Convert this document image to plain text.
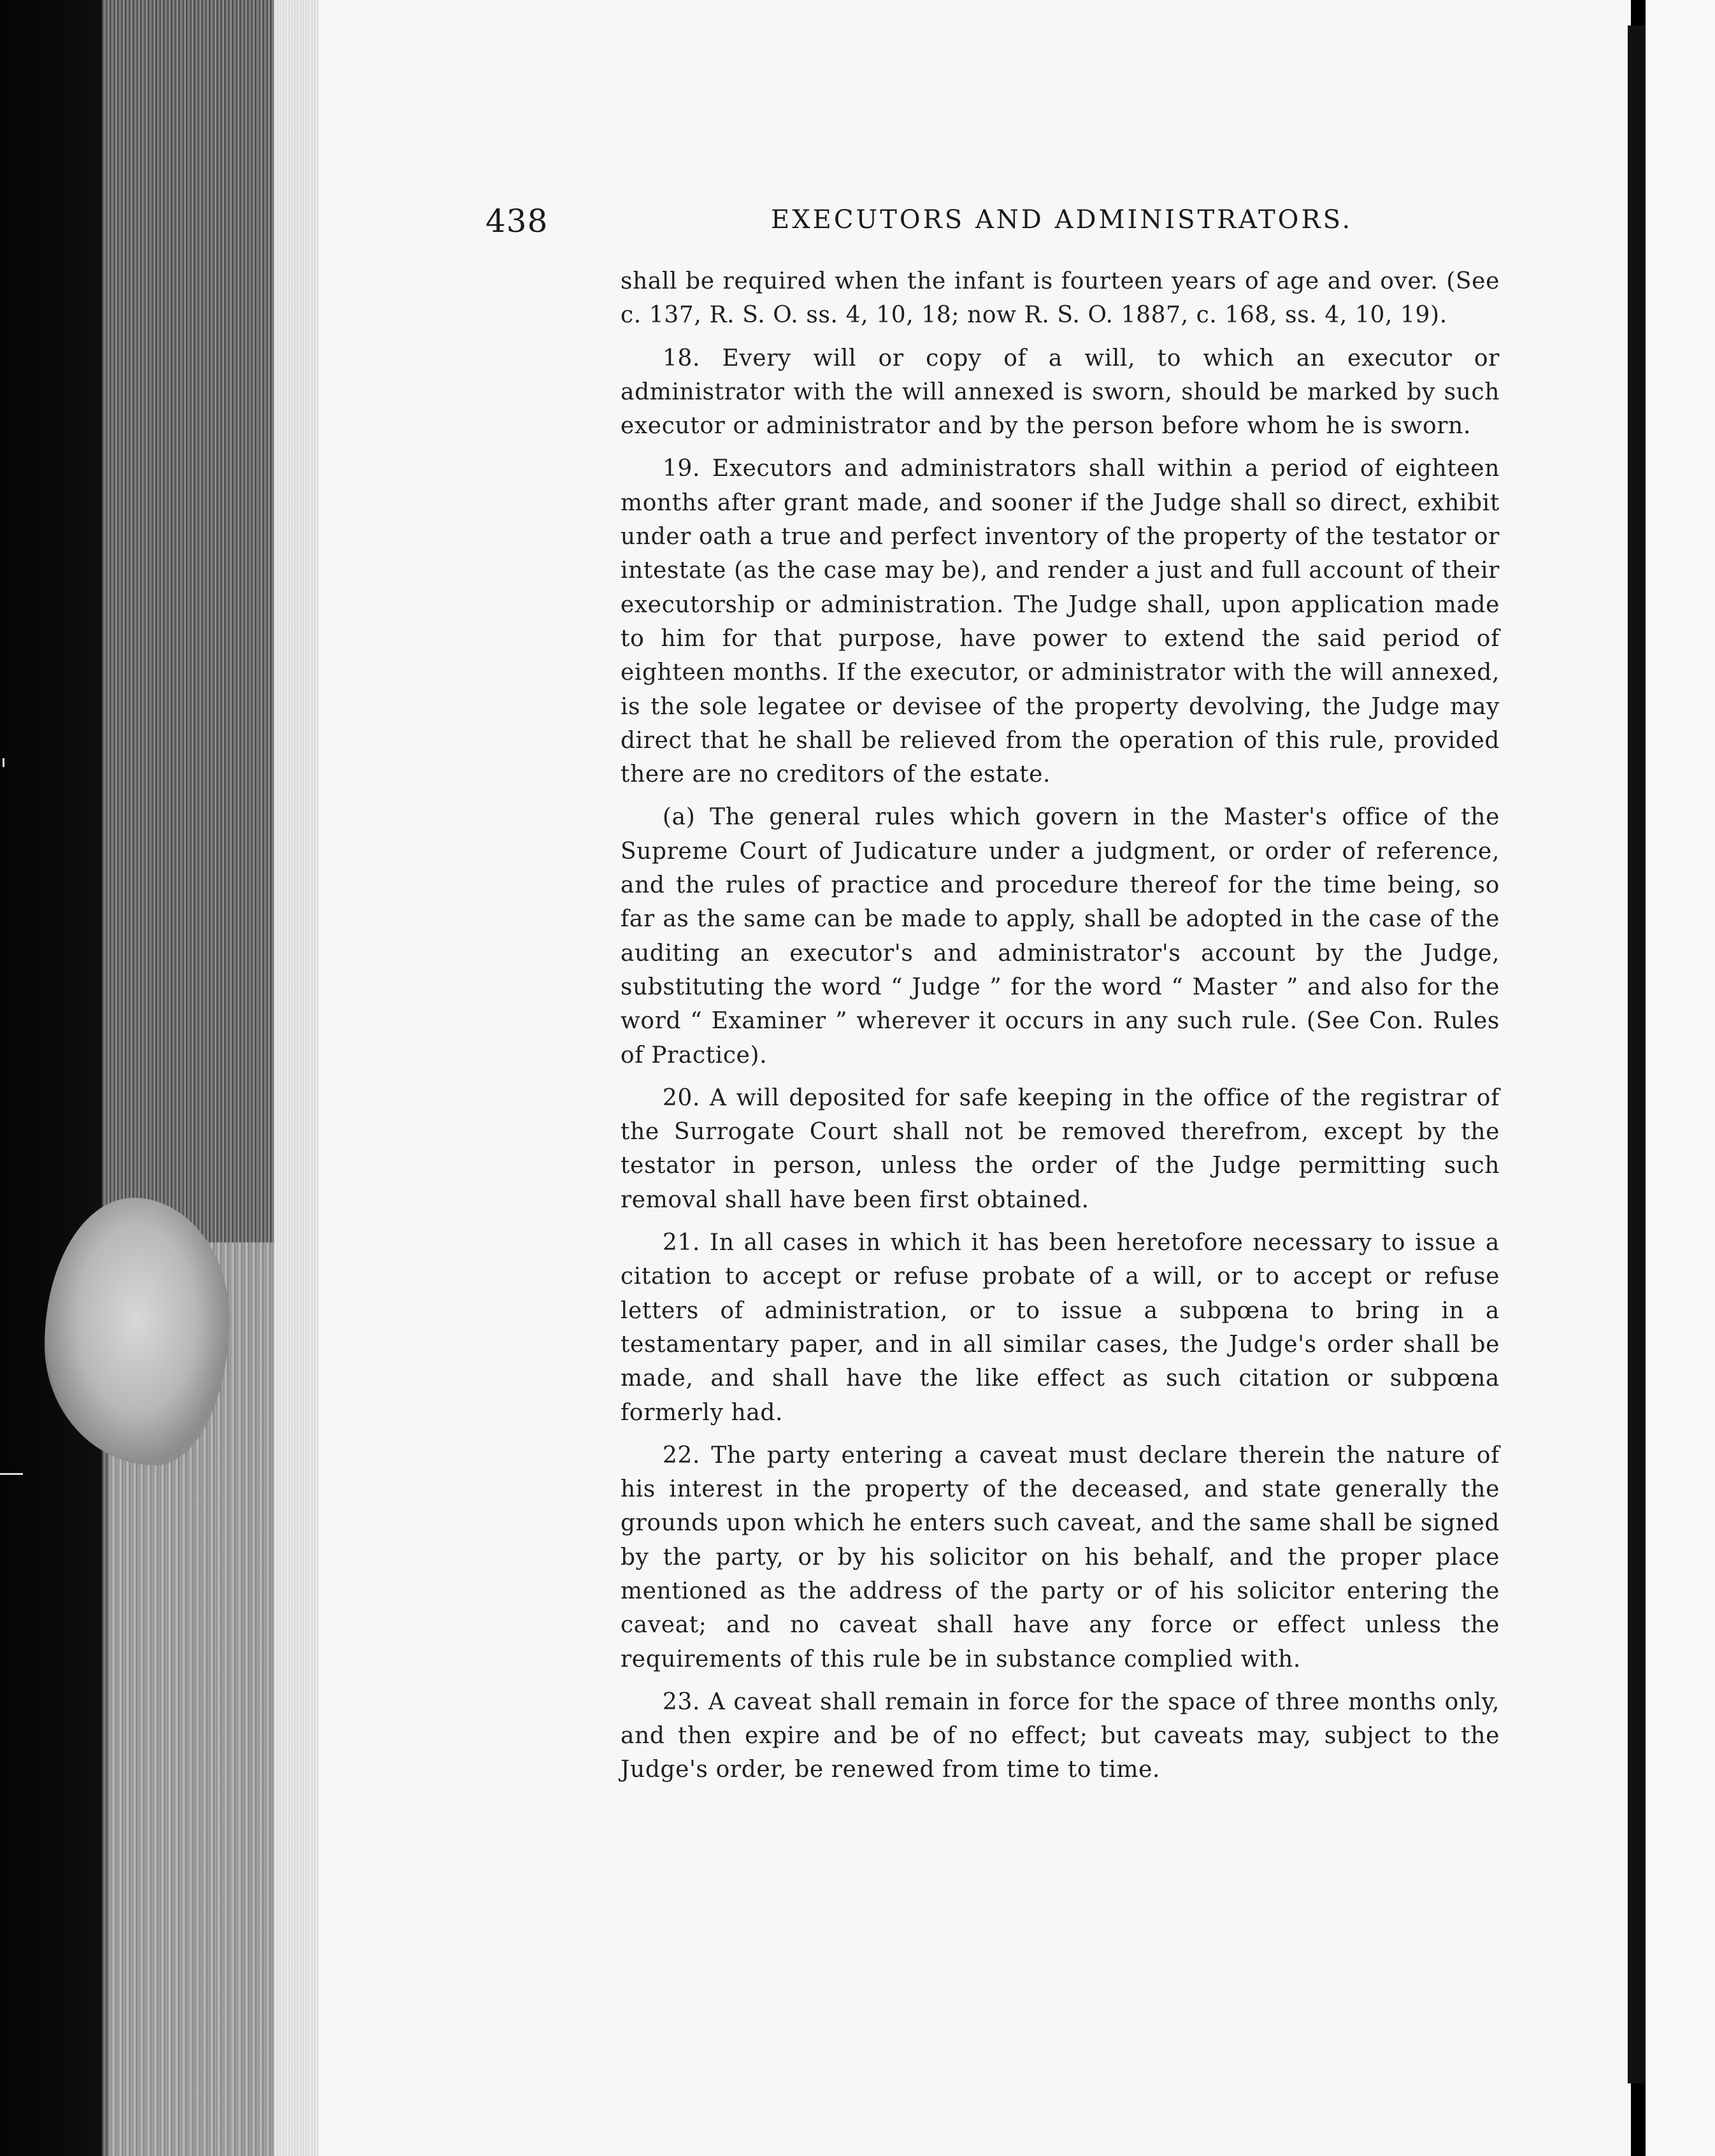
438	EXECUTORS AND ADMINISTRATORS.

shall be required when the infant is fourteen years of age and over. (See c. 137, R. S. O. ss. 4, 10, 18; now R. S. O. 1887, c. 168, ss. 4, 10, 19).

18. Every will or copy of a will, to which an executor or administrator with the will annexed is sworn, should be marked by such executor or administrator and by the person before whom he is sworn.

19. Executors and administrators shall within a period of eighteen months after grant made, and sooner if the Judge shall so direct, exhibit under oath a true and perfect inventory of the property of the testator or intestate (as the case may be), and render a just and full account of their executorship or administration. The Judge shall, upon application made to him for that purpose, have power to extend the said period of eighteen months. If the executor, or administrator with the will annexed, is the sole legatee or devisee of the property devolving, the Judge may direct that he shall be relieved from the operation of this rule, provided there are no creditors of the estate.

(a) The general rules which govern in the Master's office of the Supreme Court of Judicature under a judgment, or order of reference, and the rules of practice and procedure thereof for the time being, so far as the same can be made to apply, shall be adopted in the case of the auditing an executor's and administrator's account by the Judge, substituting the word “ Judge ” for the word “ Master ” and also for the word “ Examiner ” wherever it occurs in any such rule. (See Con. Rules of Practice).

20. A will deposited for safe keeping in the office of the registrar of the Surrogate Court shall not be removed therefrom, except by the testator in person, unless the order of the Judge permitting such removal shall have been first obtained.

21. In all cases in which it has been heretofore necessary to issue a citation to accept or refuse probate of a will, or to accept or refuse letters of administration, or to issue a subpœna to bring in a testamentary paper, and in all similar cases, the Judge's order shall be made, and shall have the like effect as such citation or subpœna formerly had.

22. The party entering a caveat must declare therein the nature of his interest in the property of the deceased, and state generally the grounds upon which he enters such caveat, and the same shall be signed by the party, or by his solicitor on his behalf, and the proper place mentioned as the address of the party or of his solicitor entering the caveat; and no caveat shall have any force or effect unless the requirements of this rule be in substance complied with.

23. A caveat shall remain in force for the space of three months only, and then expire and be of no effect; but caveats may, subject to the Judge's order, be renewed from time to time.
